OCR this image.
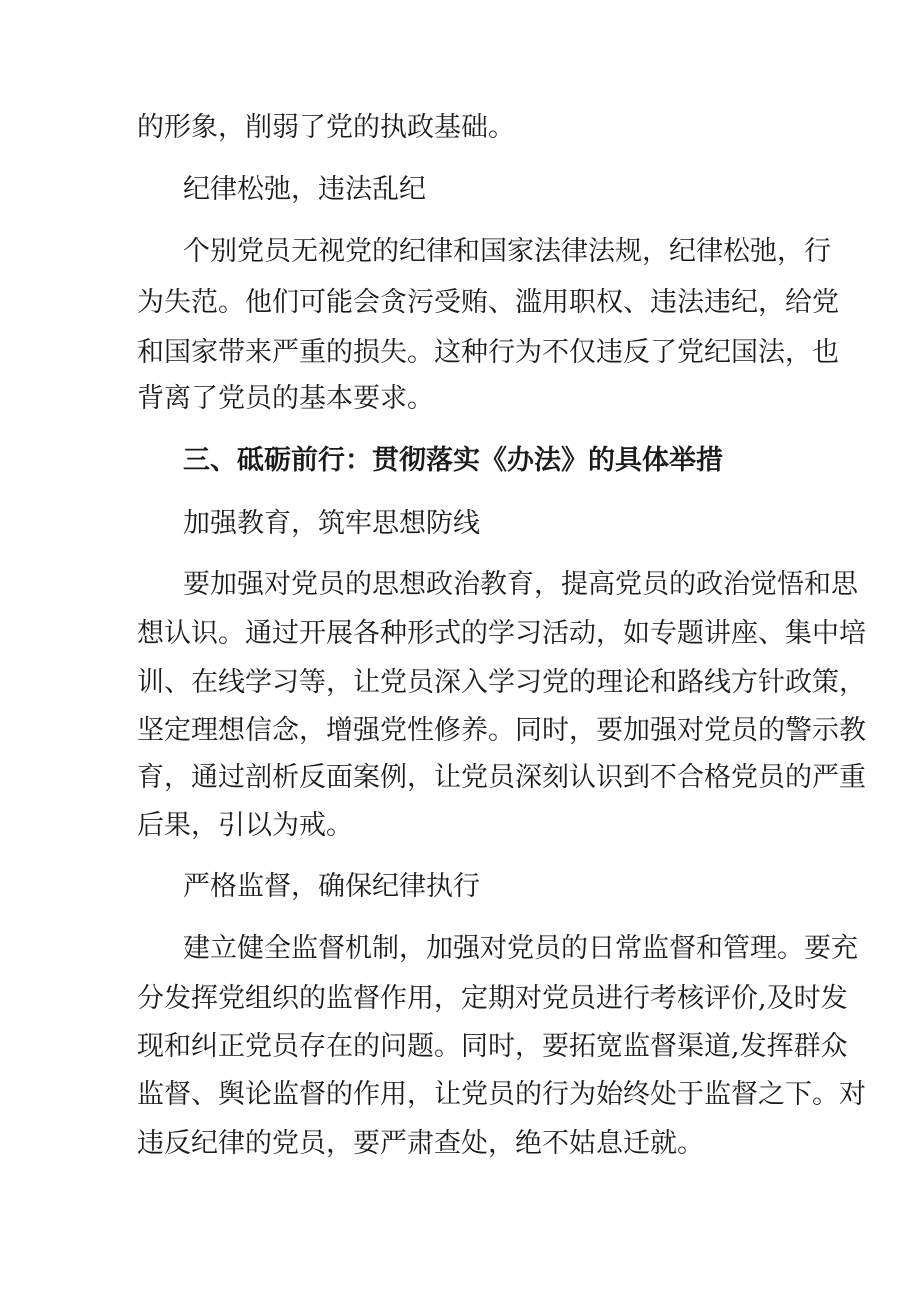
的形象，削弱了党的执政基础。

纪律松弛，违法乱纪

个别党员无视党的纪律和国家法律法规，纪律松弛，行

为失范。他们可能会贪污受贿、滥用职权、违法违纪，给党

和国家带来严重的损失。这种行为不仅违反了党纪国法，也

背离了党员的基本要求。

三、砥砺前行：贯彻落实《办法》的具体举措

加强教育，筑牢思想防线

要加强对党员的思想政治教育，提高党员的政治觉悟和思

想认识。通过开展各种形式的学习活动，如专题讲座、集中培

训、在线学习等，让党员深入学习党的理论和路线方针政策，

坚定理想信念，增强党性修养。同时，要加强对党员的警示教

育，通过剖析反面案例，让党员深刻认识到不合格党员的严重

后果，引以为戒。

严格监督，确保纪律执行

建立健全监督机制，加强对党员的日常监督和管理。要充

分发挥党组织的监督作用，定期对党员进行考核评价,及时发

现和纠正党员存在的问题。同时，要拓宽监督渠道,发挥群众

监督、舆论监督的作用，让党员的行为始终处于监督之下。对

违反纪律的党员，要严肃查处，绝不姑息迁就。
